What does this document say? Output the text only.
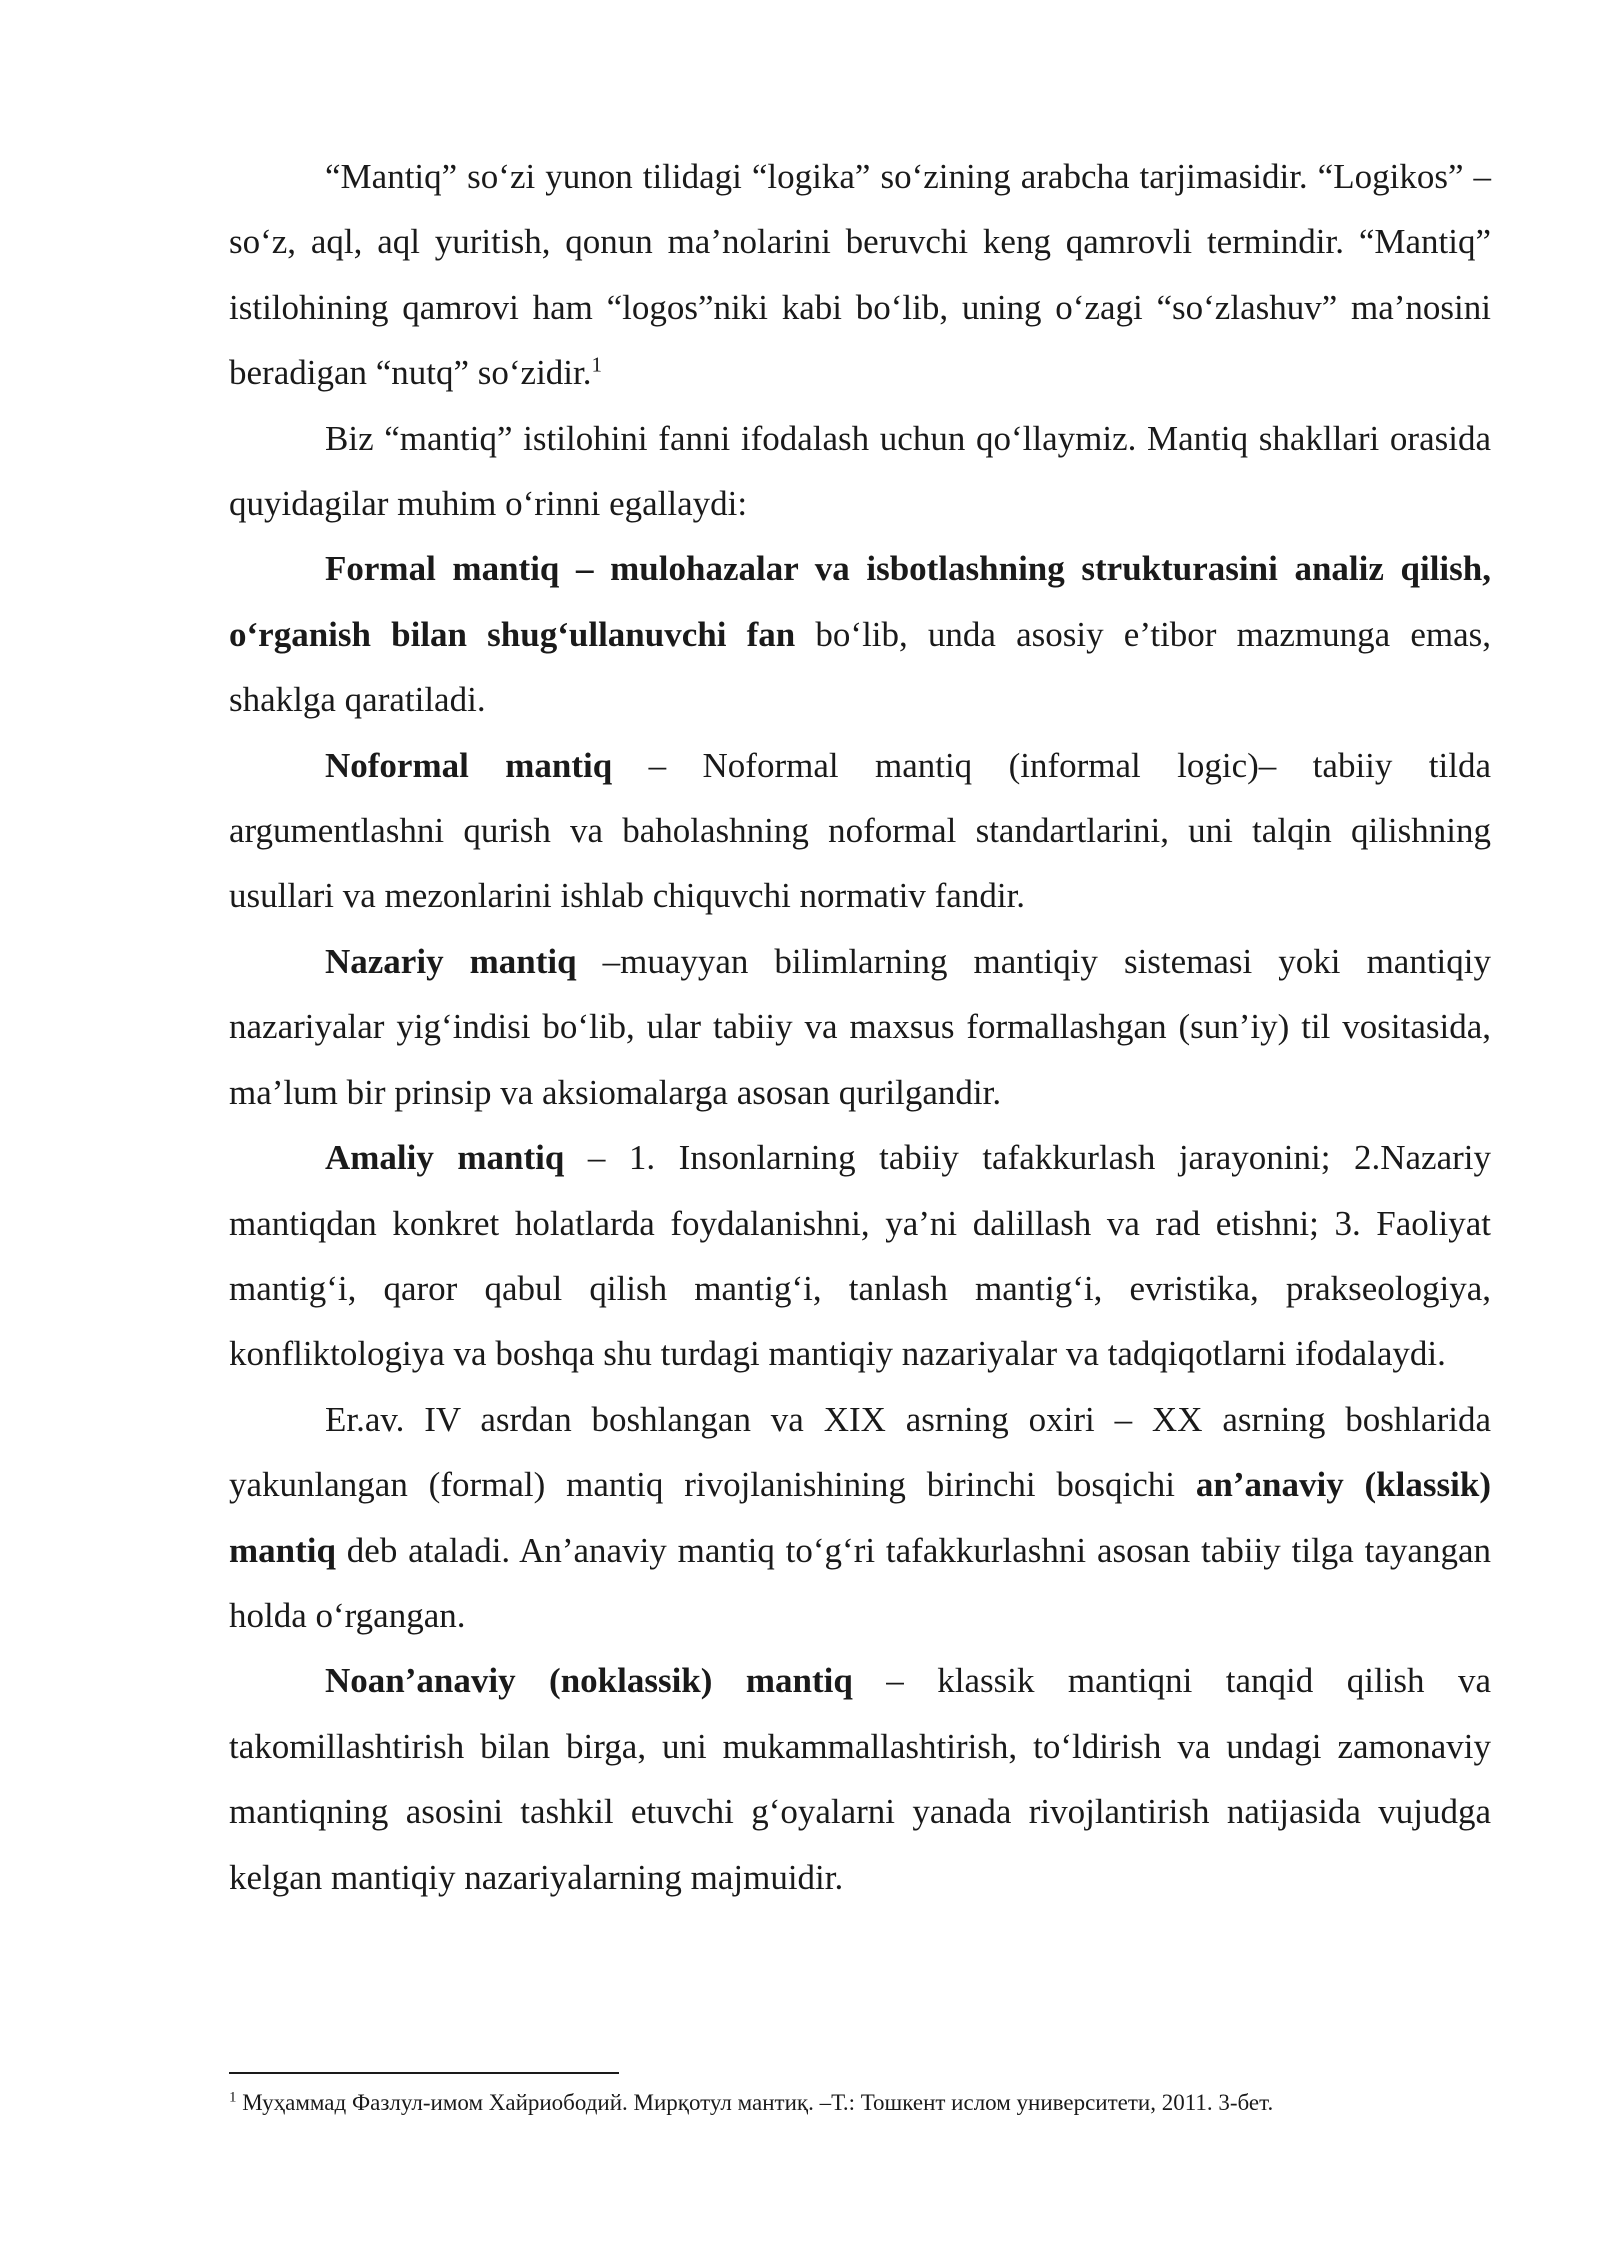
“Mantiq” so‘zi yunon tilidagi “logika” so‘zining arabcha tarjimasidir. “Logikos” – so‘z, aql, aql yuritish, qonun ma’nolarini beruvchi keng qamrovli termindir. “Mantiq” istilohining qamrovi ham “logos”niki kabi bo‘lib, uning o‘zagi “so‘zlashuv” ma’nosini beradigan “nutq” so‘zidir.$^1$

Biz “mantiq” istilohini fanni ifodalash uchun qo‘llaymiz. Mantiq shakllari orasida quyidagilar muhim o‘rinni egallaydi:

Formal mantiq – mulohazalar va isbotlashning strukturasini analiz qilish, o‘rganish bilan shug‘ullanuvchi fan bo‘lib, unda asosiy e’tibor mazmunga emas, shaklga qaratiladi.

Noformal mantiq – Noformal mantiq (informal logic)– tabiiy tilda argumentlashni qurish va baholashning noformal standartlarini, uni talqin qilishning usullari va mezonlarini ishlab chiquvchi normativ fandir.

Nazariy mantiq –muayyan bilimlarning mantiqiy sistemasi yoki mantiqiy nazariyalar yig‘indisi bo‘lib, ular tabiiy va maxsus formallashgan (sun’iy) til vositasida, ma’lum bir prinsip va aksiomalarga asosan qurilgandir.

Amaliy mantiq – 1. Insonlarning tabiiy tafakkurlash jarayonini; 2.Nazariy mantiqdan konkret holatlarda foydalanishni, ya’ni dalillash va rad etishni; 3. Faoliyat mantig‘i, qaror qabul qilish mantig‘i, tanlash mantig‘i, evristika, prakseologiya, konfliktologiya va boshqa shu turdagi mantiqiy nazariyalar va tadqiqotlarni ifodalaydi.

Er.av. IV asrdan boshlangan va XIX asrning oxiri – XX asrning boshlarida yakunlangan (formal) mantiq rivojlanishining birinchi bosqichi an’anaviy (klassik) mantiq deb ataladi. An’anaviy mantiq to‘g‘ri tafakkurlashni asosan tabiiy tilga tayangan holda o‘rgangan.

Noan’anaviy (noklassik) mantiq – klassik mantiqni tanqid qilish va takomillashtirish bilan birga, uni mukammallashtirish, to‘ldirish va undagi zamonaviy mantiqning asosini tashkil etuvchi g‘oyalarni yanada rivojlantirish natijasida vujudga kelgan mantiqiy nazariyalarning majmuidir.

$^1$ Муҳаммад Фазлул-имом Хайриободий. Мирқотул мантиқ. –Т.: Тошкент ислом университети, 2011. 3-бет.
